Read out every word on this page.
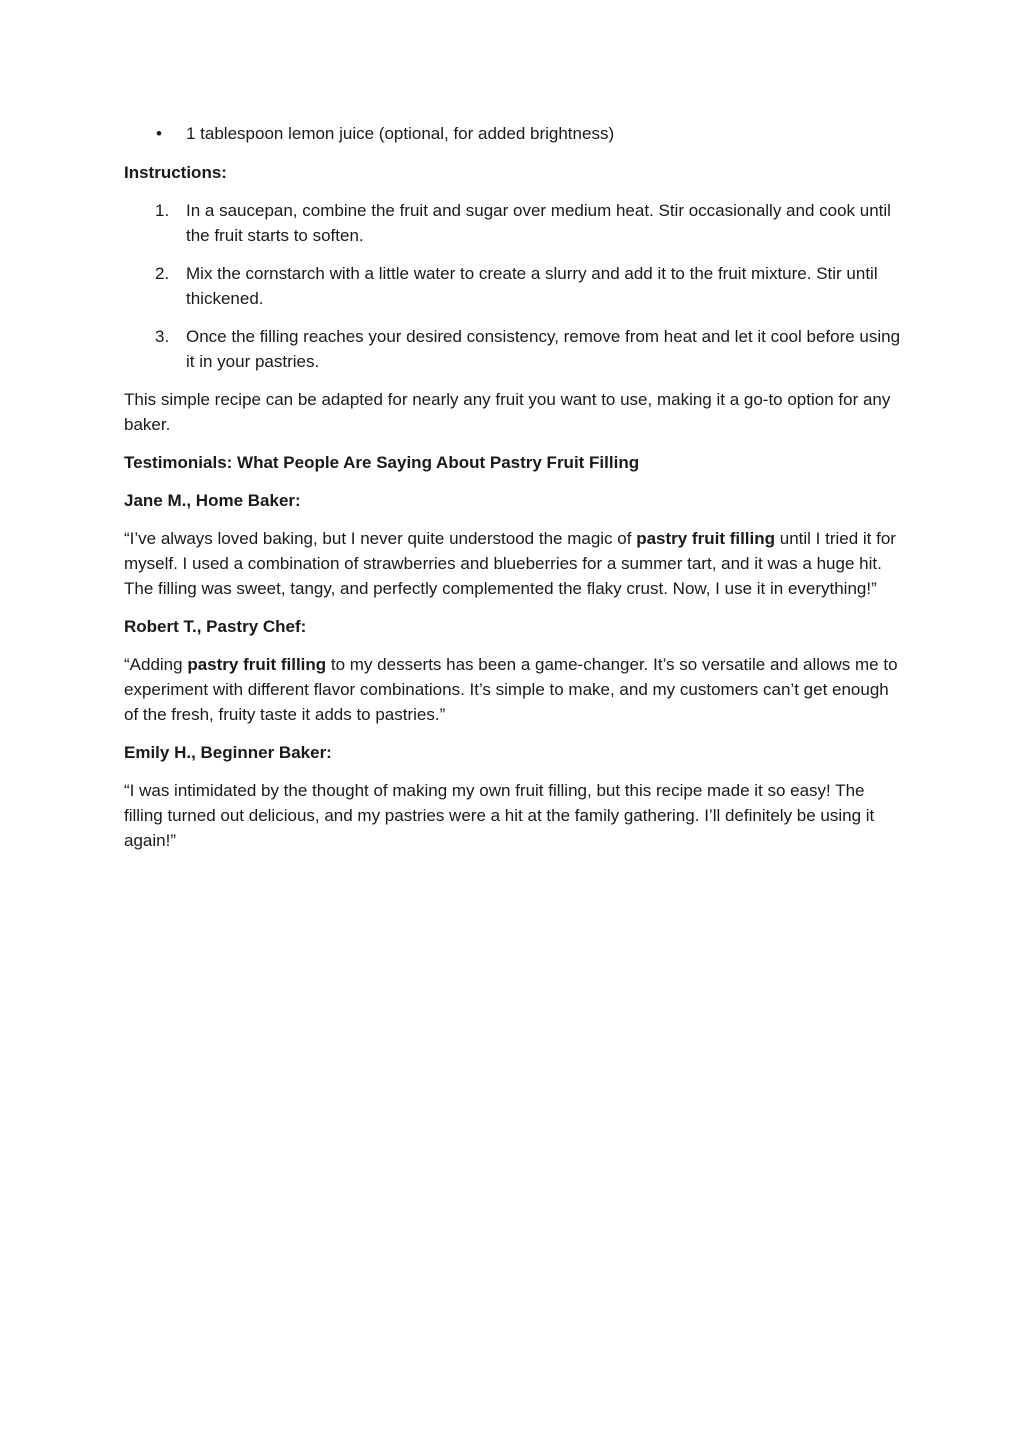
• 1 tablespoon lemon juice (optional, for added brightness)

Instructions:

1. In a saucepan, combine the fruit and sugar over medium heat. Stir occasionally and cook until the fruit starts to soften.
2. Mix the cornstarch with a little water to create a slurry and add it to the fruit mixture. Stir until thickened.
3. Once the filling reaches your desired consistency, remove from heat and let it cool before using it in your pastries.

This simple recipe can be adapted for nearly any fruit you want to use, making it a go-to option for any baker.

Testimonials: What People Are Saying About Pastry Fruit Filling

Jane M., Home Baker:

“I’ve always loved baking, but I never quite understood the magic of pastry fruit filling until I tried it for myself. I used a combination of strawberries and blueberries for a summer tart, and it was a huge hit. The filling was sweet, tangy, and perfectly complemented the flaky crust. Now, I use it in everything!”

Robert T., Pastry Chef:

“Adding pastry fruit filling to my desserts has been a game-changer. It’s so versatile and allows me to experiment with different flavor combinations. It’s simple to make, and my customers can’t get enough of the fresh, fruity taste it adds to pastries.”

Emily H., Beginner Baker:

“I was intimidated by the thought of making my own fruit filling, but this recipe made it so easy! The filling turned out delicious, and my pastries were a hit at the family gathering. I’ll definitely be using it again!”
